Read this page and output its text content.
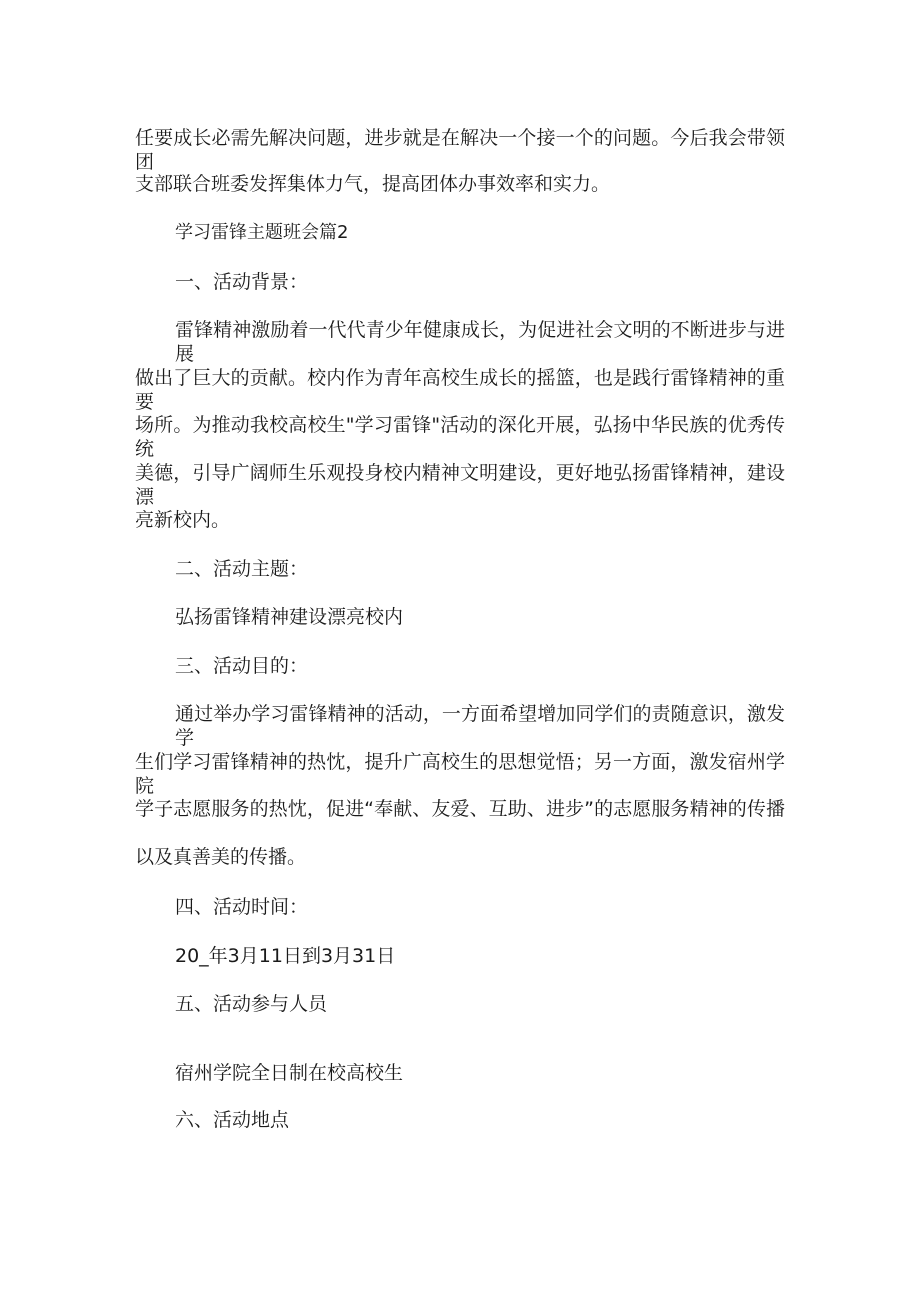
任要成长必需先解决问题，进步就是在解决一个接一个的问题。今后我会带领团
支部联合班委发挥集体力气，提高团体办事效率和实力。
学习雷锋主题班会篇2
一、活动背景：
雷锋精神激励着一代代青少年健康成长，为促进社会文明的不断进步与进展
做出了巨大的贡献。校内作为青年高校生成长的摇篮，也是践行雷锋精神的重要
场所。为推动我校高校生"学习雷锋"活动的深化开展，弘扬中华民族的优秀传统
美德，引导广阔师生乐观投身校内精神文明建设，更好地弘扬雷锋精神，建设漂
亮新校内。
二、活动主题：
弘扬雷锋精神建设漂亮校内
三、活动目的：
通过举办学习雷锋精神的活动，一方面希望增加同学们的责随意识，激发学
生们学习雷锋精神的热忱，提升广高校生的思想觉悟；另一方面，激发宿州学院
学子志愿服务的热忱，促进“奉献、友爱、互助、进步”的志愿服务精神的传播
以及真善美的传播。
四、活动时间：
20_年3月11日到3月31日
五、活动参与人员
宿州学院全日制在校高校生
六、活动地点
